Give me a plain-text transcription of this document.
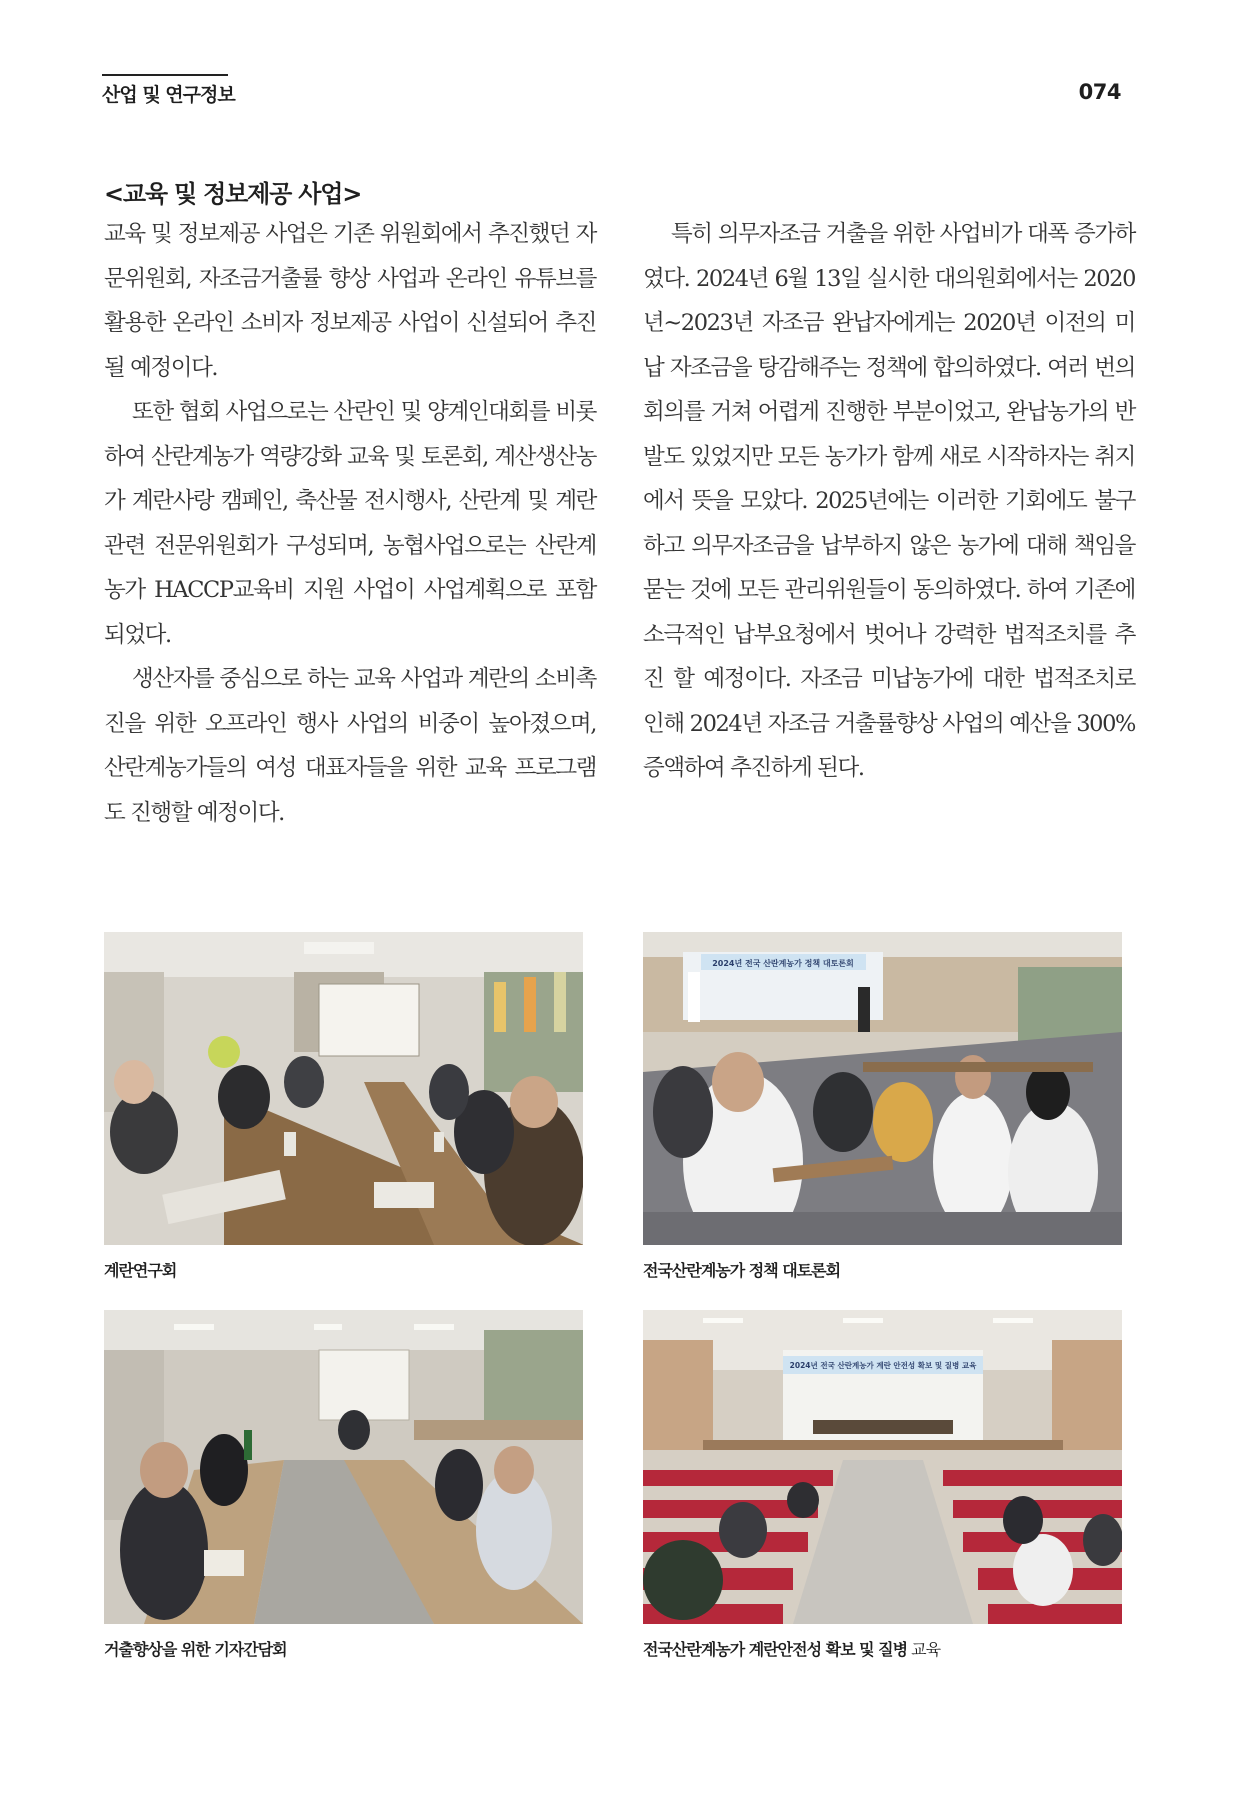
산업 및 연구정보	074
<교육 및 정보제공 사업>

교육 및 정보제공 사업은 기존 위원회에서 추진했던 자문위원회, 자조금거출률 향상 사업과 온라인 유튜브를 활용한 온라인 소비자 정보제공 사업이 신설되어 추진 될 예정이다.

또한 협회 사업으로는 산란인 및 양계인대회를 비롯하여 산란계농가 역량강화 교육 및 토론회, 계산생산농가 계란사랑 캠페인, 축산물 전시행사, 산란계 및 계란관련 전문위원회가 구성되며, 농협사업으로는 산란계농가 HACCP교육비 지원 사업이 사업계획으로 포함되었다.

생산자를 중심으로 하는 교육 사업과 계란의 소비촉진을 위한 오프라인 행사 사업의 비중이 높아졌으며, 산란계농가들의 여성 대표자들을 위한 교육 프로그램도 진행할 예정이다.

특히 의무자조금 거출을 위한 사업비가 대폭 증가하였다. 2024년 6월 13일 실시한 대의원회에서는 2020년~2023년 자조금 완납자에게는 2020년 이전의 미납 자조금을 탕감해주는 정책에 합의하였다. 여러 번의 회의를 거쳐 어렵게 진행한 부분이었고, 완납농가의 반발도 있었지만 모든 농가가 함께 새로 시작하자는 취지에서 뜻을 모았다. 2025년에는 이러한 기회에도 불구하고 의무자조금을 납부하지 않은 농가에 대해 책임을 묻는 것에 모든 관리위원들이 동의하였다. 하여 기존에 소극적인 납부요청에서 벗어나 강력한 법적조치를 추진 할 예정이다. 자조금 미납농가에 대한 법적조치로 인해 2024년 자조금 거출률향상 사업의 예산을 300% 증액하여 추진하게 된다.

계란연구회
2024년 전국 산란계농가 정책 대토론회
전국산란계농가 정책 대토론회
거출향상을 위한 기자간담회
2024년 전국 산란계농가 계란 안전성 확보 및 질병 교육
전국산란계농가 계란안전성 확보 및 질병 교육
